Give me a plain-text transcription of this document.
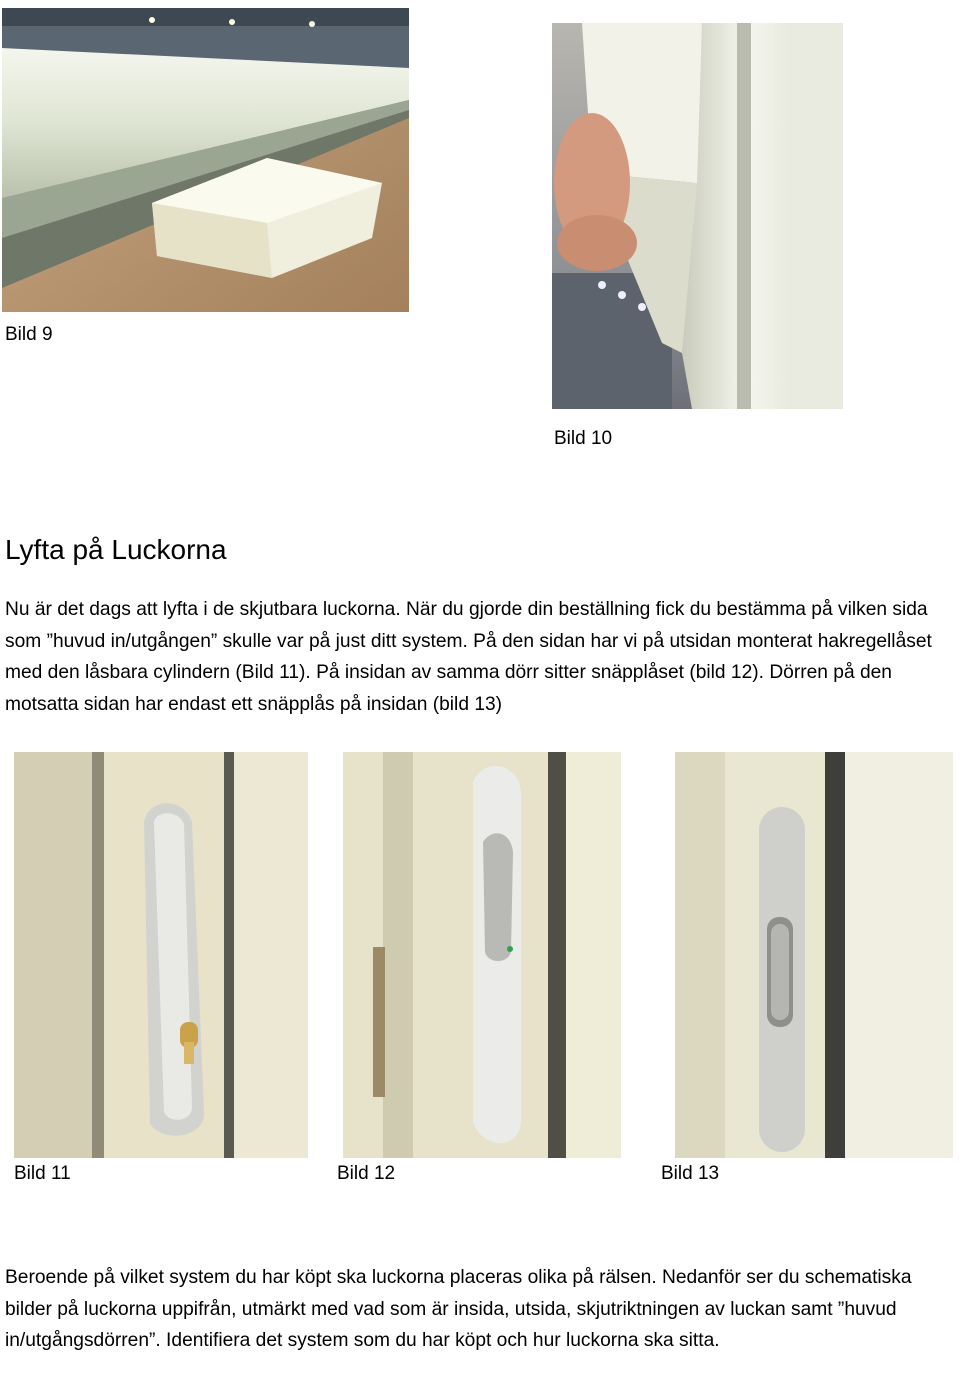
Bild 9
Bild 10
Lyfta på Luckorna
Nu är det dags att lyfta i de skjutbara luckorna. När du gjorde din beställning fick du bestämma på vilken sida som ”huvud in/utgången” skulle var på just ditt system. På den sidan har vi på utsidan monterat hakregellåset med den låsbara cylindern (Bild 11). På insidan av samma dörr sitter snäpplåset (bild 12). Dörren på den motsatta sidan har endast ett snäpplås på insidan (bild 13)
Bild 11	Bild 12	Bild 13
Beroende på vilket system du har köpt ska luckorna placeras olika på rälsen. Nedanför ser du schematiska bilder på luckorna uppifrån, utmärkt med vad som är insida, utsida, skjutriktningen av luckan samt ”huvud in/utgångsdörren”. Identifiera det system som du har köpt och hur luckorna ska sitta.
